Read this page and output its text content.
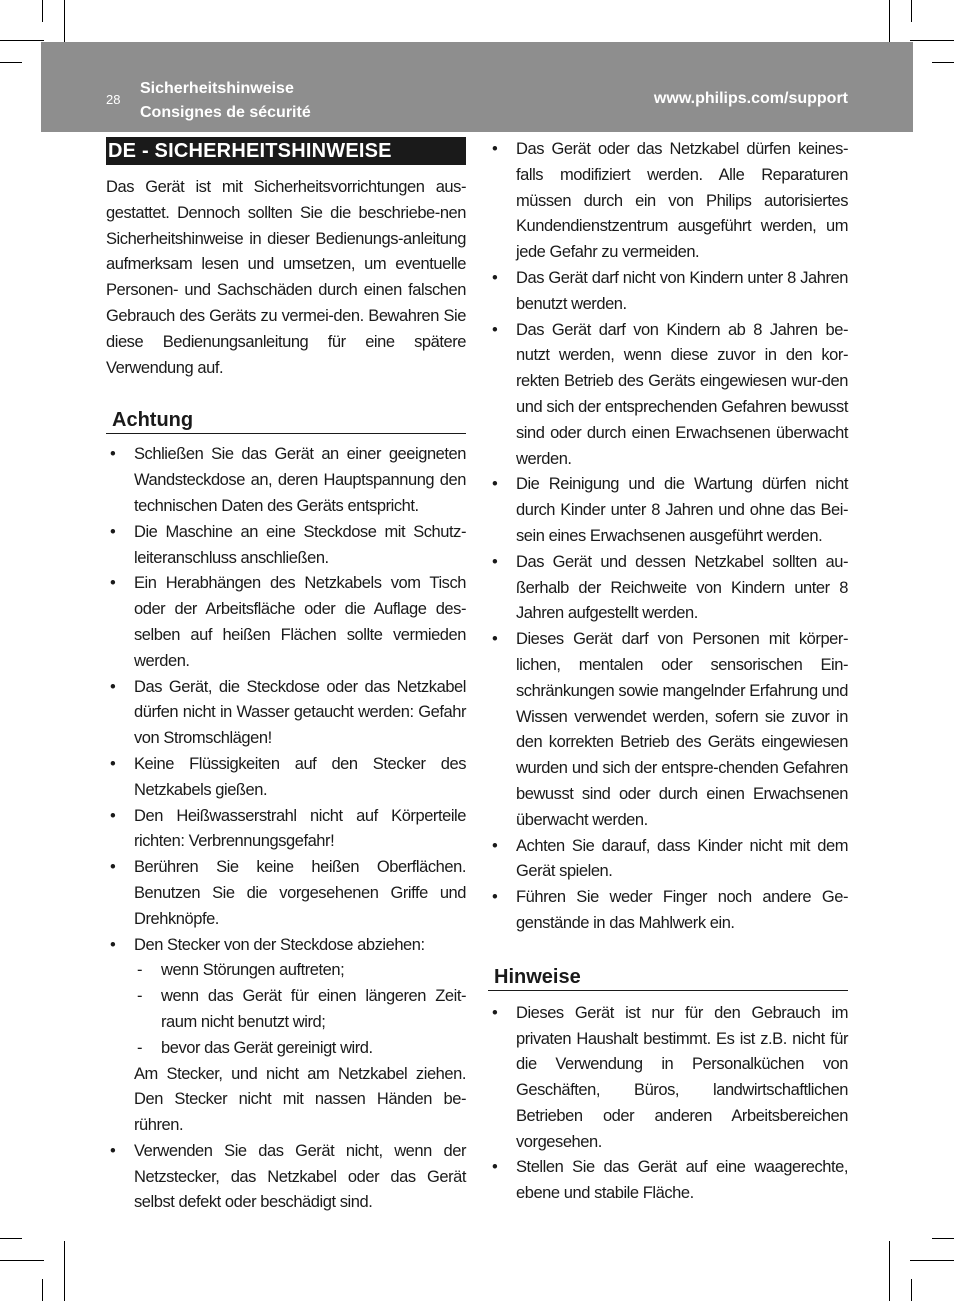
28
Sicherheitshinweise
Consignes de sécurité
www.philips.com/support
DE - SICHERHEITSHINWEISE
Das Gerät ist mit Sicherheitsvorrichtungen aus-gestattet. Dennoch sollten Sie die beschriebe-nen Sicherheitshinweise in dieser Bedienungs-anleitung aufmerksam lesen und umsetzen, um eventuelle Personen- und Sachschäden durch einen falschen Gebrauch des Geräts zu vermei-den. Bewahren Sie diese Bedienungsanleitung für eine spätere Verwendung auf.
Achtung
• Schließen Sie das Gerät an einer geeigneten Wandsteckdose an, deren Hauptspannung den technischen Daten des Geräts entspricht.
• Die Maschine an eine Steckdose mit Schutz-leiteranschluss anschließen.
• Ein Herabhängen des Netzkabels vom Tisch oder der Arbeitsfläche oder die Auflage des-selben auf heißen Flächen sollte vermieden werden.
• Das Gerät, die Steckdose oder das Netzkabel dürfen nicht in Wasser getaucht werden: Gefahr von Stromschlägen!
• Keine Flüssigkeiten auf den Stecker des Netzkabels gießen.
• Den Heißwasserstrahl nicht auf Körperteile richten: Verbrennungsgefahr!
• Berühren Sie keine heißen Oberflächen. Benutzen Sie die vorgesehenen Griffe und Drehknöpfe.
• Den Stecker von der Steckdose abziehen:
- wenn Störungen auftreten;
- wenn das Gerät für einen längeren Zeit-raum nicht benutzt wird;
- bevor das Gerät gereinigt wird.
Am Stecker, und nicht am Netzkabel ziehen. Den Stecker nicht mit nassen Händen be-rühren.
• Verwenden Sie das Gerät nicht, wenn der Netzstecker, das Netzkabel oder das Gerät selbst defekt oder beschädigt sind.
• Das Gerät oder das Netzkabel dürfen keines-falls modifiziert werden. Alle Reparaturen müssen durch ein von Philips autorisiertes Kundendienstzentrum ausgeführt werden, um jede Gefahr zu vermeiden.
• Das Gerät darf nicht von Kindern unter 8 Jahren benutzt werden.
• Das Gerät darf von Kindern ab 8 Jahren be-nutzt werden, wenn diese zuvor in den kor-rekten Betrieb des Geräts eingewiesen wur-den und sich der entsprechenden Gefahren bewusst sind oder durch einen Erwachsenen überwacht werden.
• Die Reinigung und die Wartung dürfen nicht durch Kinder unter 8 Jahren und ohne das Bei-sein eines Erwachsenen ausgeführt werden.
• Das Gerät und dessen Netzkabel sollten au-ßerhalb der Reichweite von Kindern unter 8 Jahren aufgestellt werden.
• Dieses Gerät darf von Personen mit körper-lichen, mentalen oder sensorischen Ein-schränkungen sowie mangelnder Erfahrung und Wissen verwendet werden, sofern sie zuvor in den korrekten Betrieb des Geräts eingewiesen wurden und sich der entspre-chenden Gefahren bewusst sind oder durch einen Erwachsenen überwacht werden.
• Achten Sie darauf, dass Kinder nicht mit dem Gerät spielen.
• Führen Sie weder Finger noch andere Ge-genstände in das Mahlwerk ein.
Hinweise
• Dieses Gerät ist nur für den Gebrauch im privaten Haushalt bestimmt. Es ist z.B. nicht für die Verwendung in Personalküchen von Geschäften, Büros, landwirtschaftlichen Betrieben oder anderen Arbeitsbereichen vorgesehen.
• Stellen Sie das Gerät auf eine waagerechte, ebene und stabile Fläche.
